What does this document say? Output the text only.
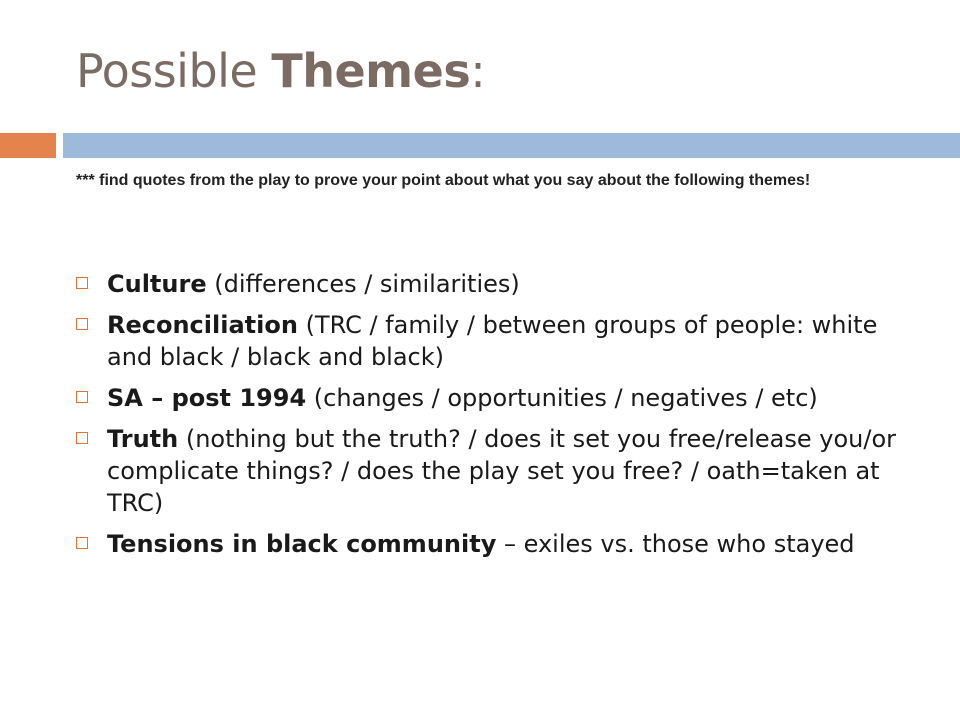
Possible Themes:

*** find quotes from the play to prove your point about what you say about the following themes!

Culture (differences / similarities)
Reconciliation (TRC / family / between groups of people: white and black / black and black)
SA – post 1994 (changes / opportunities / negatives / etc)
Truth (nothing but the truth? / does it set you free/release you/or complicate things? / does the play set you free? / oath=taken at TRC)
Tensions in black community – exiles vs. those who stayed
